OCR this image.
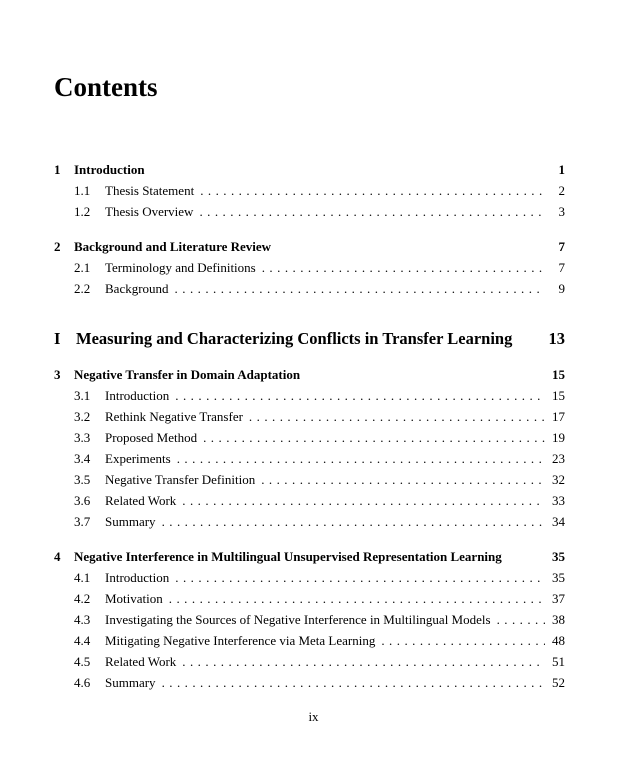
Contents
1	Introduction	1
1.1	Thesis Statement . . .	2
1.2	Thesis Overview . . .	3
2	Background and Literature Review	7
2.1	Terminology and Definitions . . .	7
2.2	Background . . .	9
I Measuring and Characterizing Conflicts in Transfer Learning 13
3	Negative Transfer in Domain Adaptation	15
3.1	Introduction . . .	15
3.2	Rethink Negative Transfer . . .	17
3.3	Proposed Method . . .	19
3.4	Experiments . . .	23
3.5	Negative Transfer Definition . . .	32
3.6	Related Work . . .	33
3.7	Summary . . .	34
4	Negative Interference in Multilingual Unsupervised Representation Learning	35
4.1	Introduction . . .	35
4.2	Motivation . . .	37
4.3	Investigating the Sources of Negative Interference in Multilingual Models . . .	38
4.4	Mitigating Negative Interference via Meta Learning . . .	48
4.5	Related Work . . .	51
4.6	Summary . . .	52
ix
